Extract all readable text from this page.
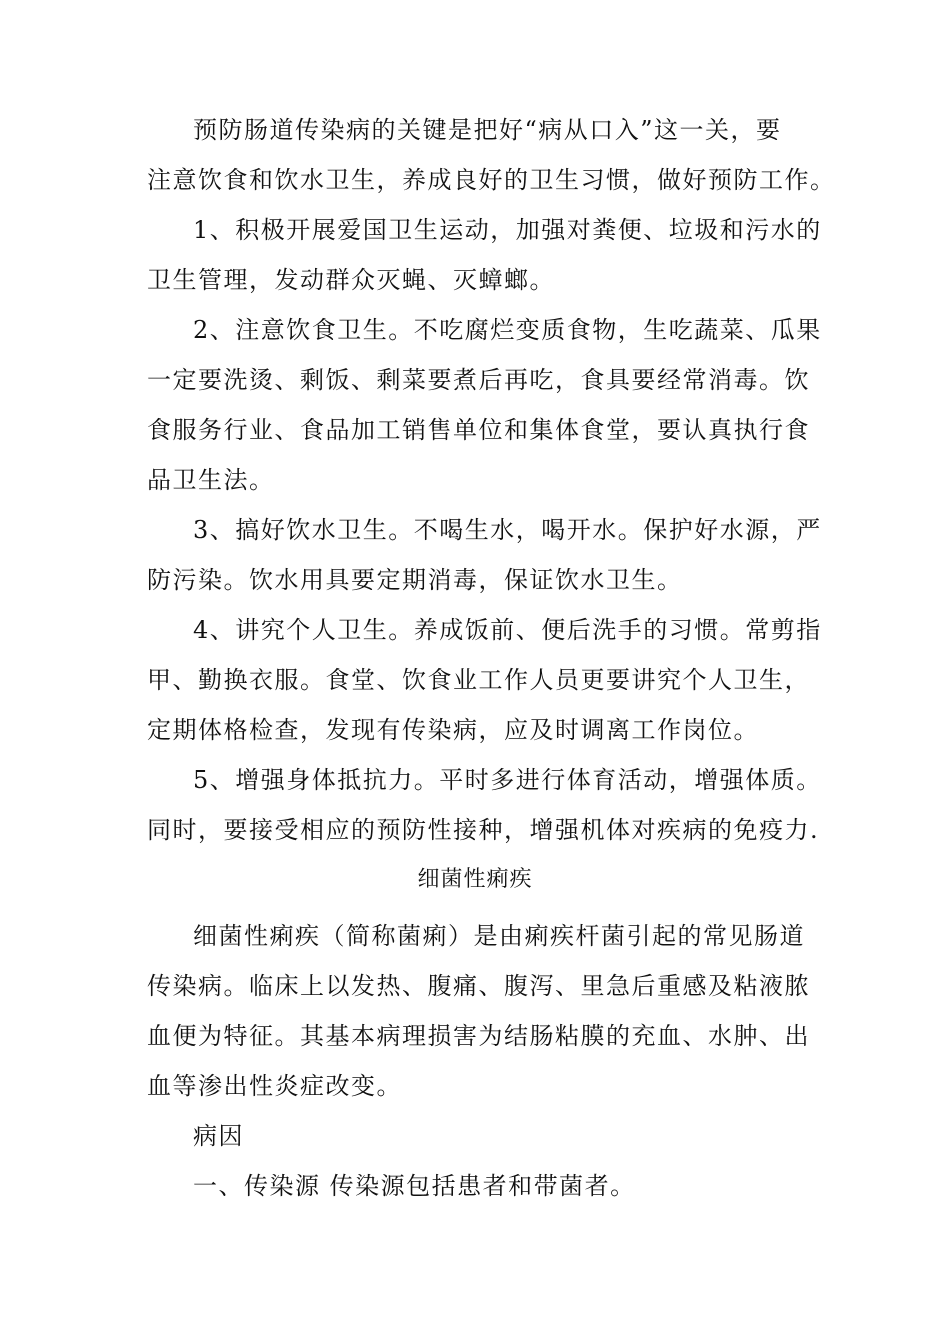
预防肠道传染病的关键是把好“病从口入”这一关，要
注意饮食和饮水卫生，养成良好的卫生习惯，做好预防工作。
1、积极开展爱国卫生运动，加强对粪便、垃圾和污水的
卫生管理，发动群众灭蝇、灭蟑螂。
2、注意饮食卫生。不吃腐烂变质食物，生吃蔬菜、瓜果
一定要洗烫、剩饭、剩菜要煮后再吃，食具要经常消毒。饮
食服务行业、食品加工销售单位和集体食堂，要认真执行食
品卫生法。
3、搞好饮水卫生。不喝生水，喝开水。保护好水源，严
防污染。饮水用具要定期消毒，保证饮水卫生。
4、讲究个人卫生。养成饭前、便后洗手的习惯。常剪指
甲、勤换衣服。食堂、饮食业工作人员更要讲究个人卫生，
定期体格检查，发现有传染病，应及时调离工作岗位。
5、增强身体抵抗力。平时多进行体育活动，增强体质。
同时，要接受相应的预防性接种，增强机体对疾病的免疫力.
细菌性痢疾
细菌性痢疾（简称菌痢）是由痢疾杆菌引起的常见肠道
传染病。临床上以发热、腹痛、腹泻、里急后重感及粘液脓
血便为特征。其基本病理损害为结肠粘膜的充血、水肿、出
血等渗出性炎症改变。
病因
一、传染源 传染源包括患者和带菌者。
